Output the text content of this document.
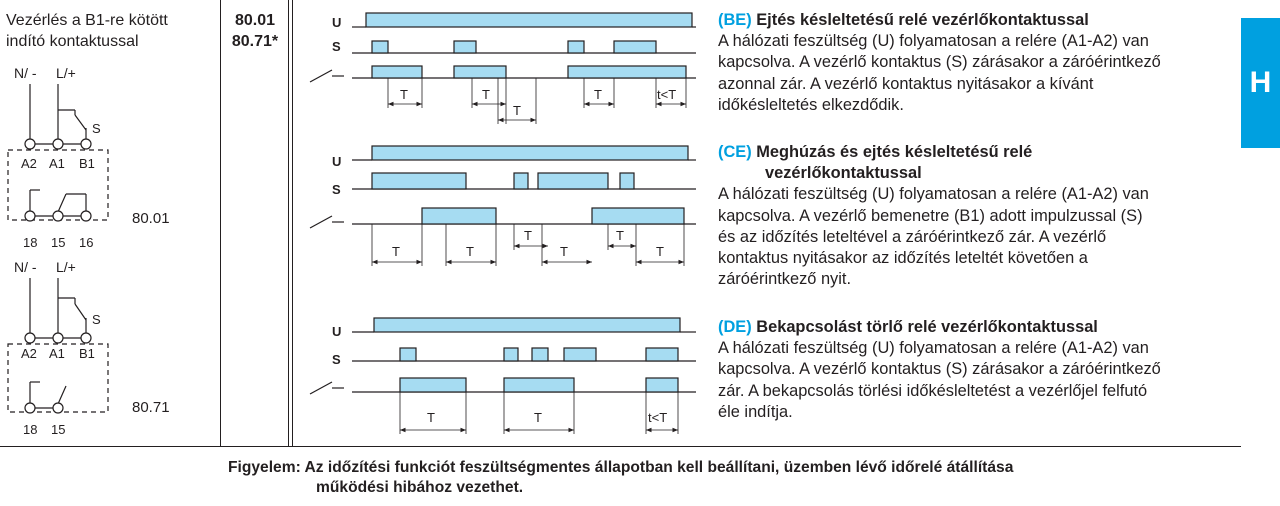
Vezérlés a B1-re kötött
indító kontaktussal
N/ - L/+
S
A2 A1 B1
18 15 16
80.01
N/ - L/+
S
A2 A1 B1
18 15
80.71
80.01
80.71*
U
S
T	T
T
T	t<T
U
S
T	T
T
T
T
T
U
S
T	T	t<T
(BE) Ejtés késleltetésű relé vezérlőkontaktussal
A hálózati feszültség (U) folyamatosan a relére (A1-A2) van
kapcsolva. A vezérlő kontaktus (S) zárásakor a záróérintkező
azonnal zár. A vezérlő kontaktus nyitásakor a kívánt
időkésleltetés elkezdődik.
(CE) Meghúzás és ejtés késleltetésű relé
vezérlőkontaktussal
A hálózati feszültség (U) folyamatosan a relére (A1-A2) van
kapcsolva. A vezérlő bemenetre (B1) adott impulzussal (S)
és az időzítés leteltével a záróérintkező zár. A vezérlő
kontaktus nyitásakor az időzítés leteltét követően a
záróérintkező nyit.
(DE) Bekapcsolást törlő relé vezérlőkontaktussal
A hálózati feszültség (U) folyamatosan a relére (A1-A2) van
kapcsolva. A vezérlő kontaktus (S) zárásakor a záróérintkező
zár. A bekapcsolás törlési időkésleltetést a vezérlőjel felfutó
éle indítja.
H
Figyelem: Az időzítési funkciót feszültségmentes állapotban kell beállítani, üzemben lévő időrelé átállítása
működési hibához vezethet.
